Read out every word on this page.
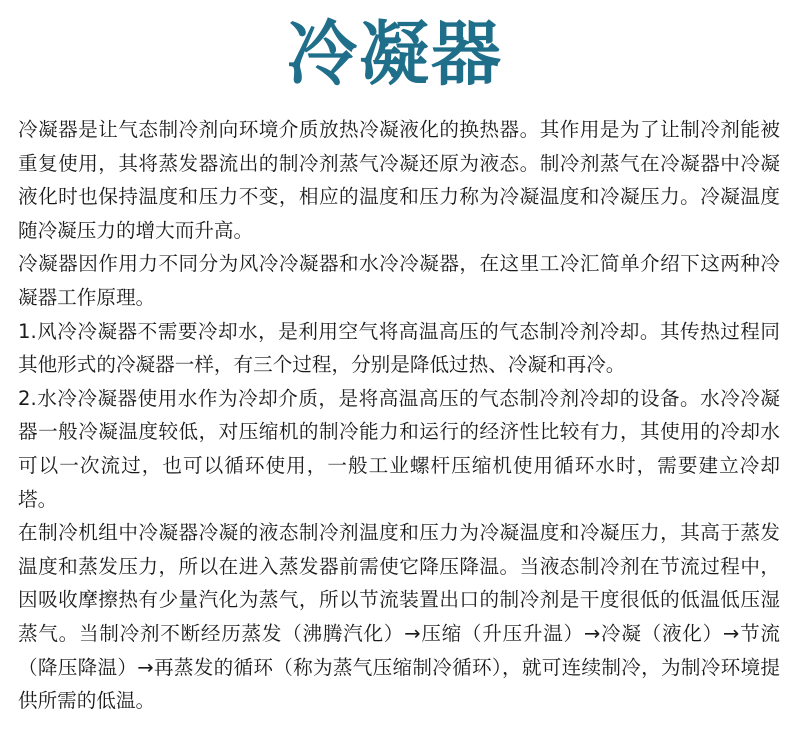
冷凝器

冷凝器是让气态制冷剂向环境介质放热冷凝液化的换热器。其作用是为了让制冷剂能被重复使用，其将蒸发器流出的制冷剂蒸气冷凝还原为液态。制冷剂蒸气在冷凝器中冷凝液化时也保持温度和压力不变，相应的温度和压力称为冷凝温度和冷凝压力。冷凝温度随冷凝压力的增大而升高。

冷凝器因作用力不同分为风冷冷凝器和水冷冷凝器，在这里工冷汇简单介绍下这两种冷凝器工作原理。

1.风冷冷凝器不需要冷却水，是利用空气将高温高压的气态制冷剂冷却。其传热过程同其他形式的冷凝器一样，有三个过程，分别是降低过热、冷凝和再冷。

2.水冷冷凝器使用水作为冷却介质，是将高温高压的气态制冷剂冷却的设备。水冷冷凝器一般冷凝温度较低，对压缩机的制冷能力和运行的经济性比较有力，其使用的冷却水可以一次流过，也可以循环使用，一般工业螺杆压缩机使用循环水时，需要建立冷却塔。

在制冷机组中冷凝器冷凝的液态制冷剂温度和压力为冷凝温度和冷凝压力，其高于蒸发温度和蒸发压力，所以在进入蒸发器前需使它降压降温。当液态制冷剂在节流过程中，因吸收摩擦热有少量汽化为蒸气，所以节流装置出口的制冷剂是干度很低的低温低压湿蒸气。当制冷剂不断经历蒸发（沸腾汽化）→压缩（升压升温）→冷凝（液化）→节流（降压降温）→再蒸发的循环（称为蒸气压缩制冷循环），就可连续制冷，为制冷环境提供所需的低温。
